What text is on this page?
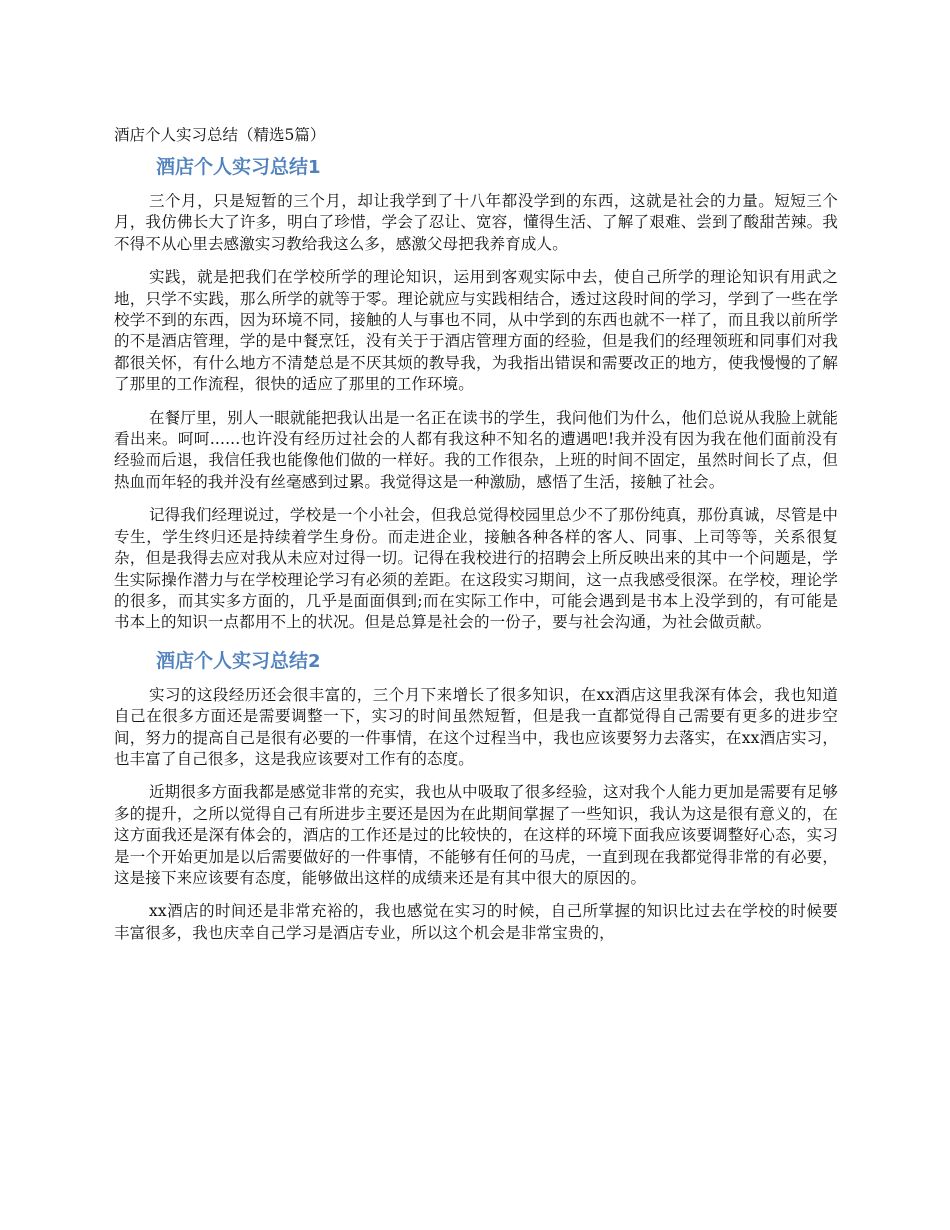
酒店个人实习总结（精选5篇）
酒店个人实习总结1

三个月，只是短暂的三个月，却让我学到了十八年都没学到的东西，这就是社会的力量。短短三个月，我仿佛长大了许多，明白了珍惜，学会了忍让、宽容，懂得生活、了解了艰难、尝到了酸甜苦辣。我不得不从心里去感激实习教给我这么多，感激父母把我养育成人。

实践，就是把我们在学校所学的理论知识，运用到客观实际中去，使自己所学的理论知识有用武之地，只学不实践，那么所学的就等于零。理论就应与实践相结合，透过这段时间的学习，学到了一些在学校学不到的东西，因为环境不同，接触的人与事也不同，从中学到的东西也就不一样了，而且我以前所学的不是酒店管理，学的是中餐烹饪，没有关于于酒店管理方面的经验，但是我们的经理领班和同事们对我都很关怀，有什么地方不清楚总是不厌其烦的教导我，为我指出错误和需要改正的地方，使我慢慢的了解了那里的工作流程，很快的适应了那里的工作环境。

在餐厅里，别人一眼就能把我认出是一名正在读书的学生，我问他们为什么，他们总说从我脸上就能看出来。呵呵......也许没有经历过社会的人都有我这种不知名的遭遇吧!我并没有因为我在他们面前没有经验而后退，我信任我也能像他们做的一样好。我的工作很杂，上班的时间不固定，虽然时间长了点，但热血而年轻的我并没有丝毫感到过累。我觉得这是一种激励，感悟了生活，接触了社会。

记得我们经理说过，学校是一个小社会，但我总觉得校园里总少不了那份纯真，那份真诚，尽管是中专生，学生终归还是持续着学生身份。而走进企业，接触各种各样的客人、同事、上司等等，关系很复杂，但是我得去应对我从未应对过得一切。记得在我校进行的招聘会上所反映出来的其中一个问题是，学生实际操作潜力与在学校理论学习有必须的差距。在这段实习期间，这一点我感受很深。在学校，理论学的很多，而其实多方面的，几乎是面面俱到;而在实际工作中，可能会遇到是书本上没学到的，有可能是书本上的知识一点都用不上的状况。但是总算是社会的一份子，要与社会沟通，为社会做贡献。

酒店个人实习总结2

实习的这段经历还会很丰富的，三个月下来增长了很多知识，在xx酒店这里我深有体会，我也知道自己在很多方面还是需要调整一下，实习的时间虽然短暂，但是我一直都觉得自己需要有更多的进步空间，努力的提高自己是很有必要的一件事情，在这个过程当中，我也应该要努力去落实，在xx酒店实习，也丰富了自己很多，这是我应该要对工作有的态度。

近期很多方面我都是感觉非常的充实，我也从中吸取了很多经验，这对我个人能力更加是需要有足够多的提升，之所以觉得自己有所进步主要还是因为在此期间掌握了一些知识，我认为这是很有意义的，在这方面我还是深有体会的，酒店的工作还是过的比较快的，在这样的环境下面我应该要调整好心态，实习是一个开始更加是以后需要做好的一件事情，不能够有任何的马虎，一直到现在我都觉得非常的有必要，这是接下来应该要有态度，能够做出这样的成绩来还是有其中很大的原因的。

xx酒店的时间还是非常充裕的，我也感觉在实习的时候，自己所掌握的知识比过去在学校的时候要丰富很多，我也庆幸自己学习是酒店专业，所以这个机会是非常宝贵的，
